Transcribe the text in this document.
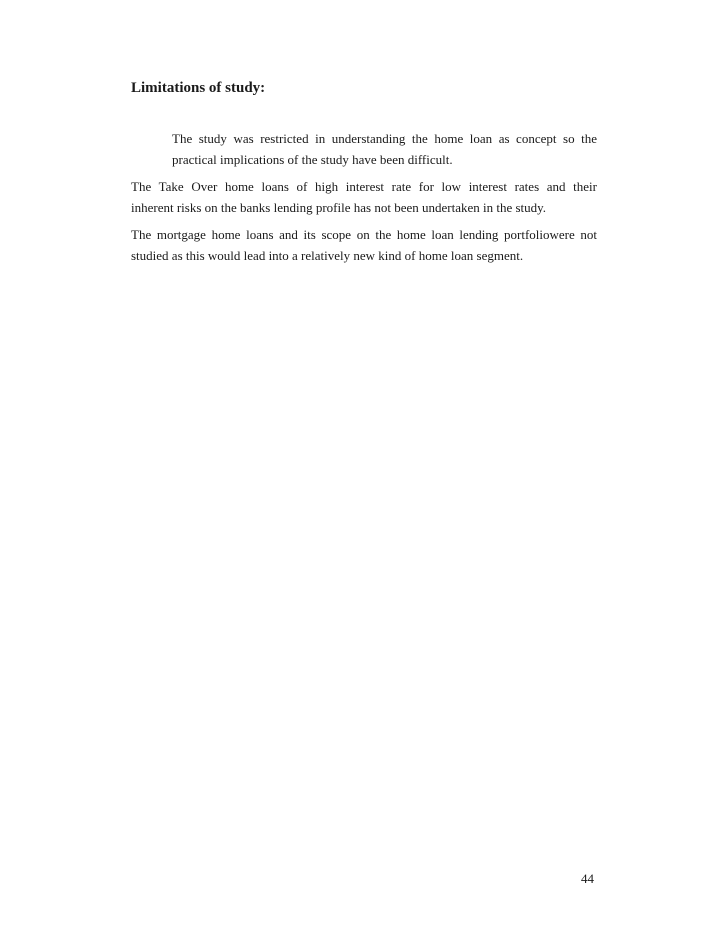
Limitations of study:

The study was restricted in understanding the home loan as concept so the
practical implications of the study have been difficult.

The Take Over home loans of high interest rate for low interest rates and their
inherent risks on the banks lending profile has not been undertaken in the study.

The mortgage home loans and its scope on the home loan lending portfoliowere not
studied as this would lead into a relatively new kind of home loan segment.

44
